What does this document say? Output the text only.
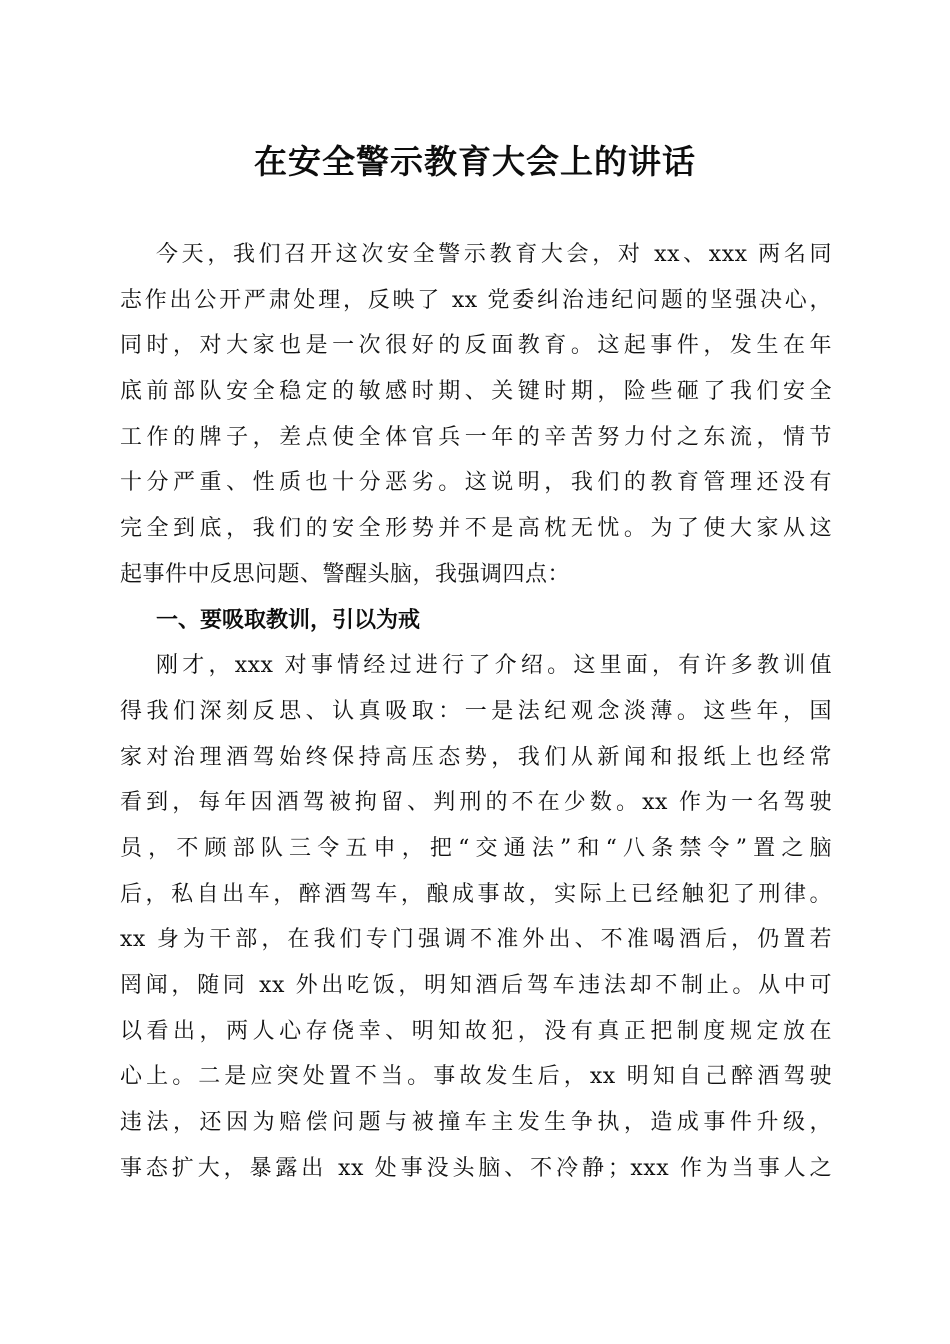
在安全警示教育大会上的讲话
今天，我们召开这次安全警示教育大会，对 xx、xxx 两名同
志作出公开严肃处理，反映了 xx 党委纠治违纪问题的坚强决心，
同时，对大家也是一次很好的反面教育。这起事件，发生在年
底前部队安全稳定的敏感时期、关键时期，险些砸了我们安全
工作的牌子，差点使全体官兵一年的辛苦努力付之东流，情节
十分严重、性质也十分恶劣。这说明，我们的教育管理还没有
完全到底，我们的安全形势并不是高枕无忧。为了使大家从这
起事件中反思问题、警醒头脑，我强调四点：
一、要吸取教训，引以为戒
刚才，xxx 对事情经过进行了介绍。这里面，有许多教训值
得我们深刻反思、认真吸取：一是法纪观念淡薄。这些年，国
家对治理酒驾始终保持高压态势，我们从新闻和报纸上也经常
看到，每年因酒驾被拘留、判刑的不在少数。xx 作为一名驾驶
员，不顾部队三令五申，把“交通法”和“八条禁令”置之脑
后，私自出车，醉酒驾车，酿成事故，实际上已经触犯了刑律。
xx 身为干部，在我们专门强调不准外出、不准喝酒后，仍置若
罔闻，随同 xx 外出吃饭，明知酒后驾车违法却不制止。从中可
以看出，两人心存侥幸、明知故犯，没有真正把制度规定放在
心上。二是应突处置不当。事故发生后，xx 明知自己醉酒驾驶
违法，还因为赔偿问题与被撞车主发生争执，造成事件升级，
事态扩大，暴露出 xx 处事没头脑、不冷静；xxx 作为当事人之
